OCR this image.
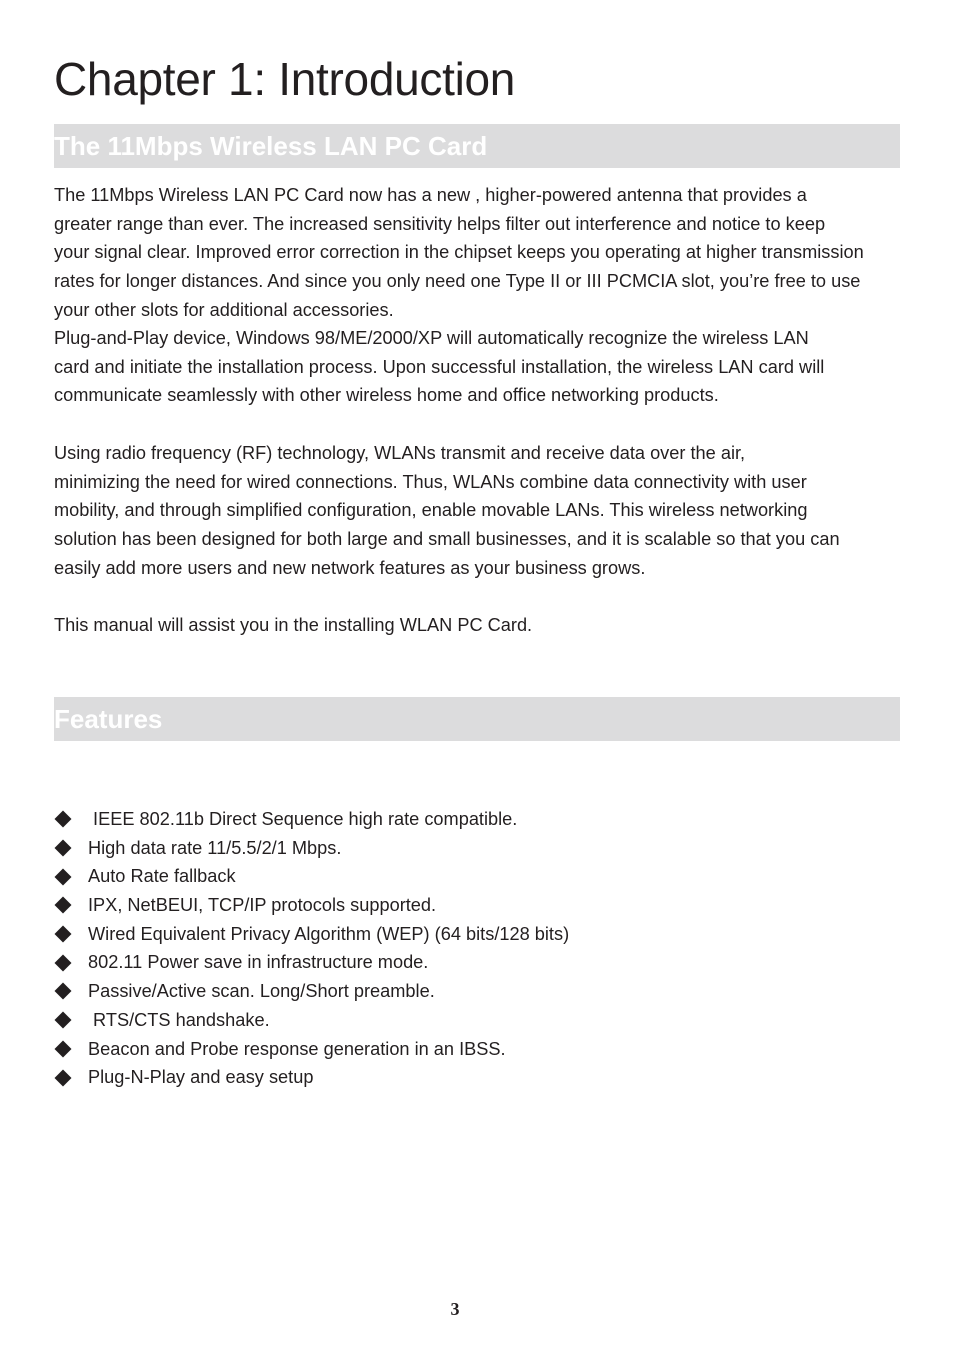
Chapter 1: Introduction
The 11Mbps Wireless LAN PC Card

The 11Mbps Wireless LAN PC Card now has a new , higher-powered antenna that provides a
greater range than ever. The increased sensitivity helps filter out interference and notice to keep
your signal clear. Improved error correction in the chipset keeps you operating at higher transmission
rates for longer distances. And since you only need one Type II or III PCMCIA slot, you’re free to use
your other slots for additional accessories.

Plug-and-Play device, Windows 98/ME/2000/XP will automatically recognize the wireless LAN
card and initiate the installation process. Upon successful installation, the wireless LAN card will
communicate seamlessly with other wireless home and office networking products.

Using radio frequency (RF) technology, WLANs transmit and receive data over the air,
minimizing the need for wired connections. Thus, WLANs combine data connectivity with user
mobility, and through simplified configuration, enable movable LANs. This wireless networking
solution has been designed for both large and small businesses, and it is scalable so that you can
easily add more users and new network features as your business grows.

This manual will assist you in the installing WLAN PC Card.

Features
IEEE 802.11b Direct Sequence high rate compatible.
High data rate 11/5.5/2/1 Mbps.
Auto Rate fallback
IPX, NetBEUI, TCP/IP protocols supported.
Wired Equivalent Privacy Algorithm (WEP) (64 bits/128 bits)
802.11 Power save in infrastructure mode.
Passive/Active scan. Long/Short preamble.
RTS/CTS handshake.
Beacon and Probe response generation in an IBSS.
Plug-N-Play and easy setup
3
